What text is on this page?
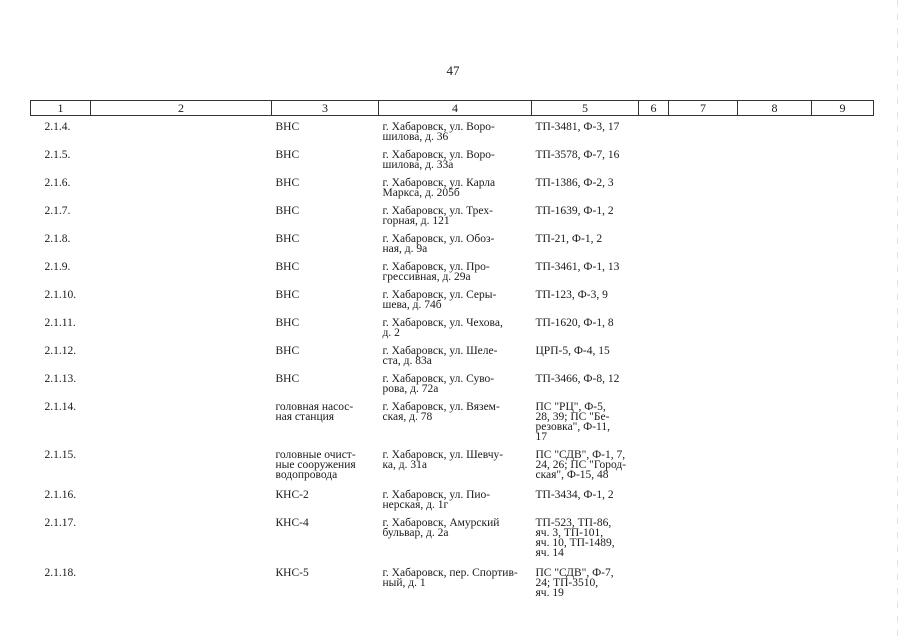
47
1	2	3	4	5	6	7	8	9

2.1.4.		ВНС	г. Хабаровск, ул. Воро-
шилова, д. 36	ТП-3481, Ф-3, 17				

2.1.5.		ВНС	г. Хабаровск, ул. Воро-
шилова, д. 33а	ТП-3578, Ф-7, 16				

2.1.6.		ВНС	г. Хабаровск, ул. Карла
Маркса, д. 205б	ТП-1386, Ф-2, 3				

2.1.7.		ВНС	г. Хабаровск, ул. Трех-
горная, д. 121	ТП-1639, Ф-1, 2				

2.1.8.		ВНС	г. Хабаровск, ул. Обоз-
ная, д. 9а	ТП-21, Ф-1, 2				

2.1.9.		ВНС	г. Хабаровск, ул. Про-
грессивная, д. 29а	ТП-3461, Ф-1, 13				

2.1.10.		ВНС	г. Хабаровск, ул. Серы-
шева, д. 74б	ТП-123, Ф-3, 9				

2.1.11.		ВНС	г. Хабаровск, ул. Чехова,
д. 2	ТП-1620, Ф-1, 8				

2.1.12.		ВНС	г. Хабаровск, ул. Шеле-
ста, д. 83а	ЦРП-5, Ф-4, 15				

2.1.13.		ВНС	г. Хабаровск, ул. Суво-
рова, д. 72а	ТП-3466, Ф-8, 12				

2.1.14.		головная насос-
ная станция	г. Хабаровск, ул. Вязем-
ская, д. 78	ПС "РЦ", Ф-5,
28, 39; ПС "Бе-
резовка", Ф-11,
17				

2.1.15.		головные очист-
ные сооружения
водопровода	г. Хабаровск, ул. Шевчу-
ка, д. 31а	ПС "СДВ", Ф-1, 7,
24, 26; ПС "Город-
ская", Ф-15, 48				

2.1.16.		КНС-2	г. Хабаровск, ул. Пио-
нерская, д. 1г	ТП-3434, Ф-1, 2				

2.1.17.		КНС-4	г. Хабаровск, Амурский
бульвар, д. 2а	ТП-523, ТП-86,
яч. 3, ТП-101,
яч. 10, ТП-1489,
яч. 14				

2.1.18.		КНС-5	г. Хабаровск, пер. Спортив-
ный, д. 1	ПС "СДВ", Ф-7,
24; ТП-3510,
яч. 19				
